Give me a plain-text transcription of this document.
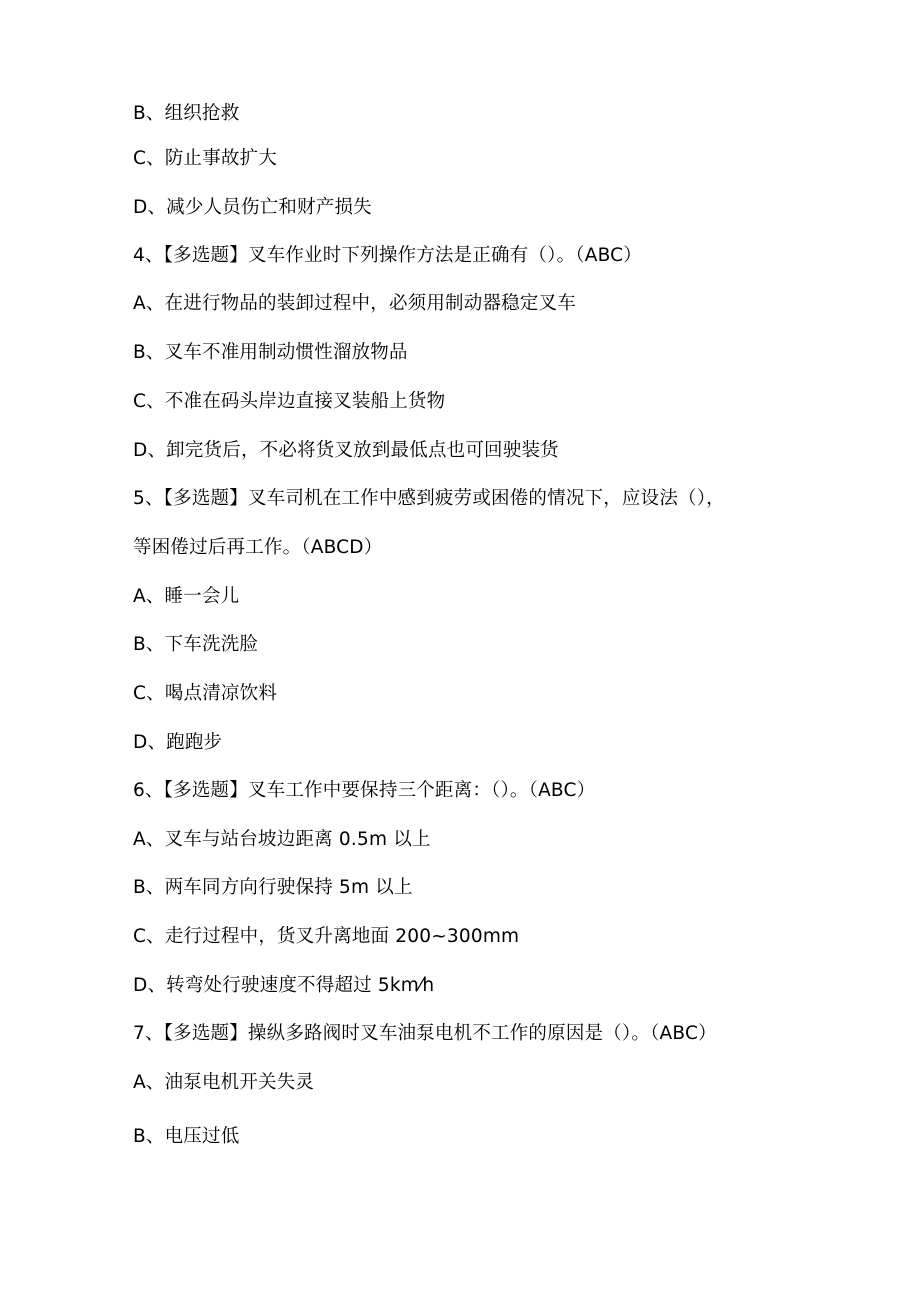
B、组织抢救
C、防止事故扩大
D、减少人员伤亡和财产损失
4、【多选题】叉车作业时下列操作方法是正确有（）。（ABC）
A、在进行物品的装卸过程中，必须用制动器稳定叉车
B、叉车不准用制动惯性溜放物品
C、不准在码头岸边直接叉装船上货物
D、卸完货后，不必将货叉放到最低点也可回驶装货
5、【多选题】叉车司机在工作中感到疲劳或困倦的情况下，应设法（），
等困倦过后再工作。（ABCD）
A、睡一会儿
B、下车洗洗脸
C、喝点清凉饮料
D、跑跑步
6、【多选题】叉车工作中要保持三个距离：（）。（ABC）
A、叉车与站台坡边距离 0.5m 以上
B、两车同方向行驶保持 5m 以上
C、走行过程中，货叉升离地面 200~300mm
D、转弯处行驶速度不得超过 5km⁄h
7、【多选题】操纵多路阀时叉车油泵电机不工作的原因是（）。（ABC）
A、油泵电机开关失灵
B、电压过低
